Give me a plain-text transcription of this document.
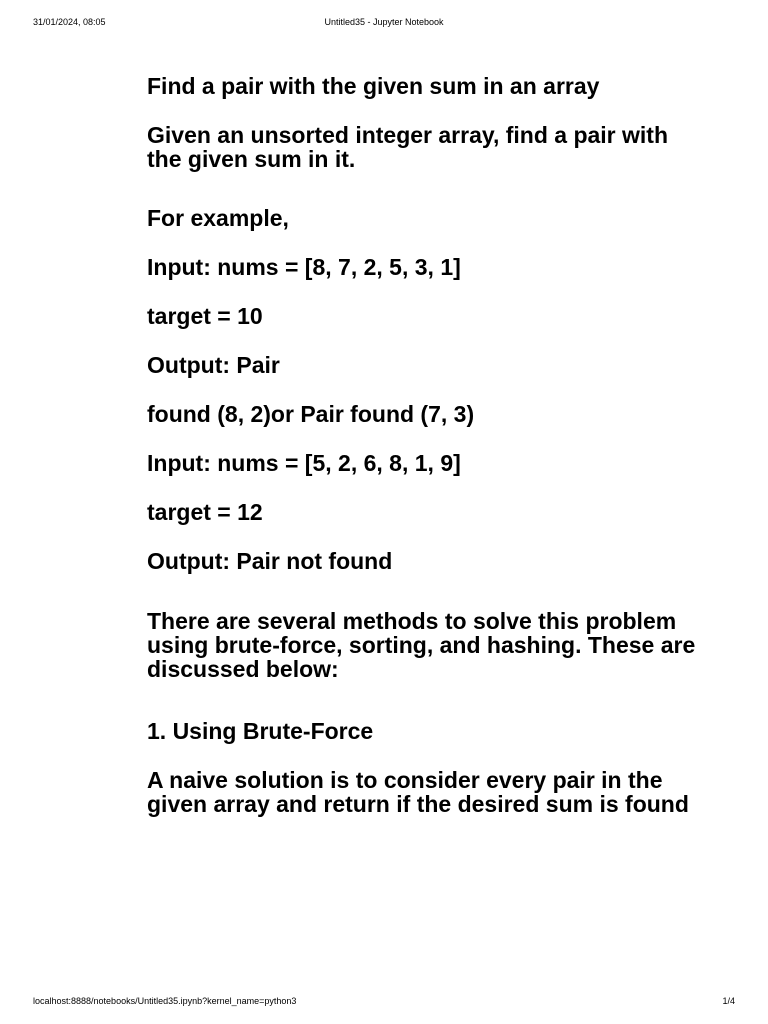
31/01/2024, 08:05	Untitled35 - Jupyter Notebook

Find a pair with the given sum in an array

Given an unsorted integer array, find a pair with the given sum in it.

For example,

Input: nums = [8, 7, 2, 5, 3, 1]

target = 10

Output: Pair

found (8, 2)or Pair found (7, 3)

Input: nums = [5, 2, 6, 8, 1, 9]

target = 12

Output: Pair not found

There are several methods to solve this problem using brute-force, sorting, and hashing. These are discussed below:

1. Using Brute-Force

A naive solution is to consider every pair in the given array and return if the desired sum is found

localhost:8888/notebooks/Untitled35.ipynb?kernel_name=python3	1/4
